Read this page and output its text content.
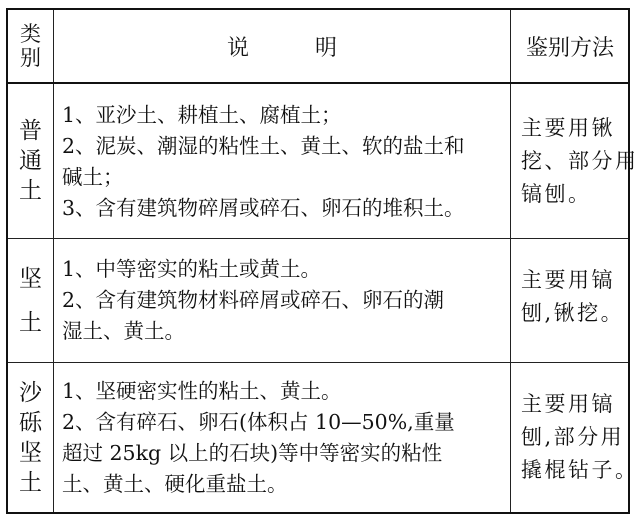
类
别	说　　　明	鉴别方法
普
通
土

1、亚沙土、耕植土、腐植土；

2、泥炭、潮湿的粘性土、黄土、软的盐土和

碱土；

3、含有建筑物碎屑或碎石、卵石的堆积土。

主要用锹

挖、部分用

镐刨。

坚
土

1、中等密实的粘土或黄土。

2、含有建筑物材料碎屑或碎石、卵石的潮

湿土、黄土。

主要用镐

刨,锹挖。

沙
砾
坚
土

1、坚硬密实性的粘土、黄土。

2、含有碎石、卵石(体积占 10—50%,重量

超过 25kg 以上的石块)等中等密实的粘性

土、黄土、硬化重盐土。

主要用镐

刨,部分用

撬棍钻子。
